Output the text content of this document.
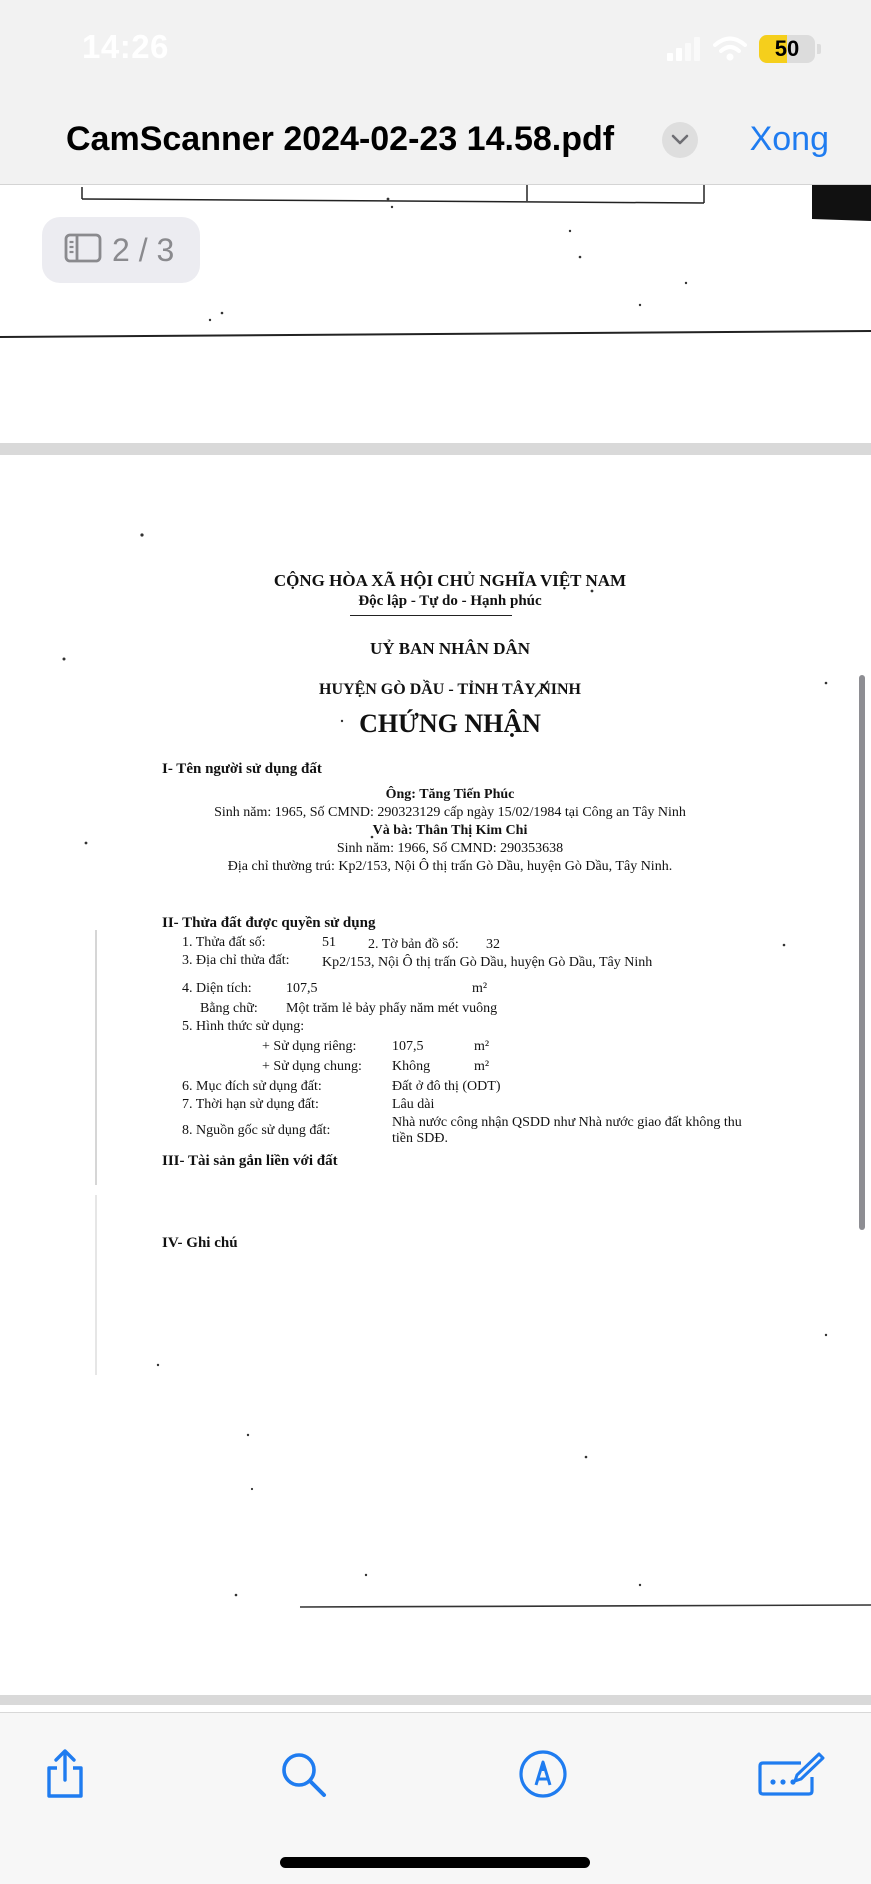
14:26	50
CamScanner 2024-02-23 14.58.pdf	Xong
CỘNG HÒA XÃ HỘI CHỦ NGHĨA VIỆT NAM
Độc lập - Tự do - Hạnh phúc
UỶ BAN NHÂN DÂN
HUYỆN GÒ DẦU - TỈNH TÂY NINH
CHỨNG NHẬN
I- Tên người sử dụng đất
Ông: Tăng Tiến Phúc
Sinh năm: 1965, Số CMND: 290323129 cấp ngày 15/02/1984 tại Công an Tây Ninh
Và bà: Thân Thị Kim Chi
Sinh năm: 1966, Số CMND: 290353638
Địa chỉ thường trú: Kp2/153, Nội Ô thị trấn Gò Dầu, huyện Gò Dầu, Tây Ninh.
II- Thửa đất được quyền sử dụng
1. Thửa đất số:	51 2. Tờ bản đồ số: 32
3. Địa chỉ thửa đất: Kp2/153, Nội Ô thị trấn Gò Dầu, huyện Gò Dầu, Tây Ninh
4. Diện tích: 107,5	m²
Bằng chữ: Một trăm lẻ bảy phẩy năm mét vuông
5. Hình thức sử dụng:
+ Sử dụng riêng:	107,5	m²
+ Sử dụng chung: Không	m²
6. Mục đích sử dụng đất:	Đất ở đô thị (ODT)
7. Thời hạn sử dụng đất:	Lâu dài
8. Nguồn gốc sử dụng đất:
Nhà nước công nhận QSDD như Nhà nước giao đất không thu
tiền SDĐ.
III- Tài sản gắn liền với đất
IV- Ghi chú
2 / 3
